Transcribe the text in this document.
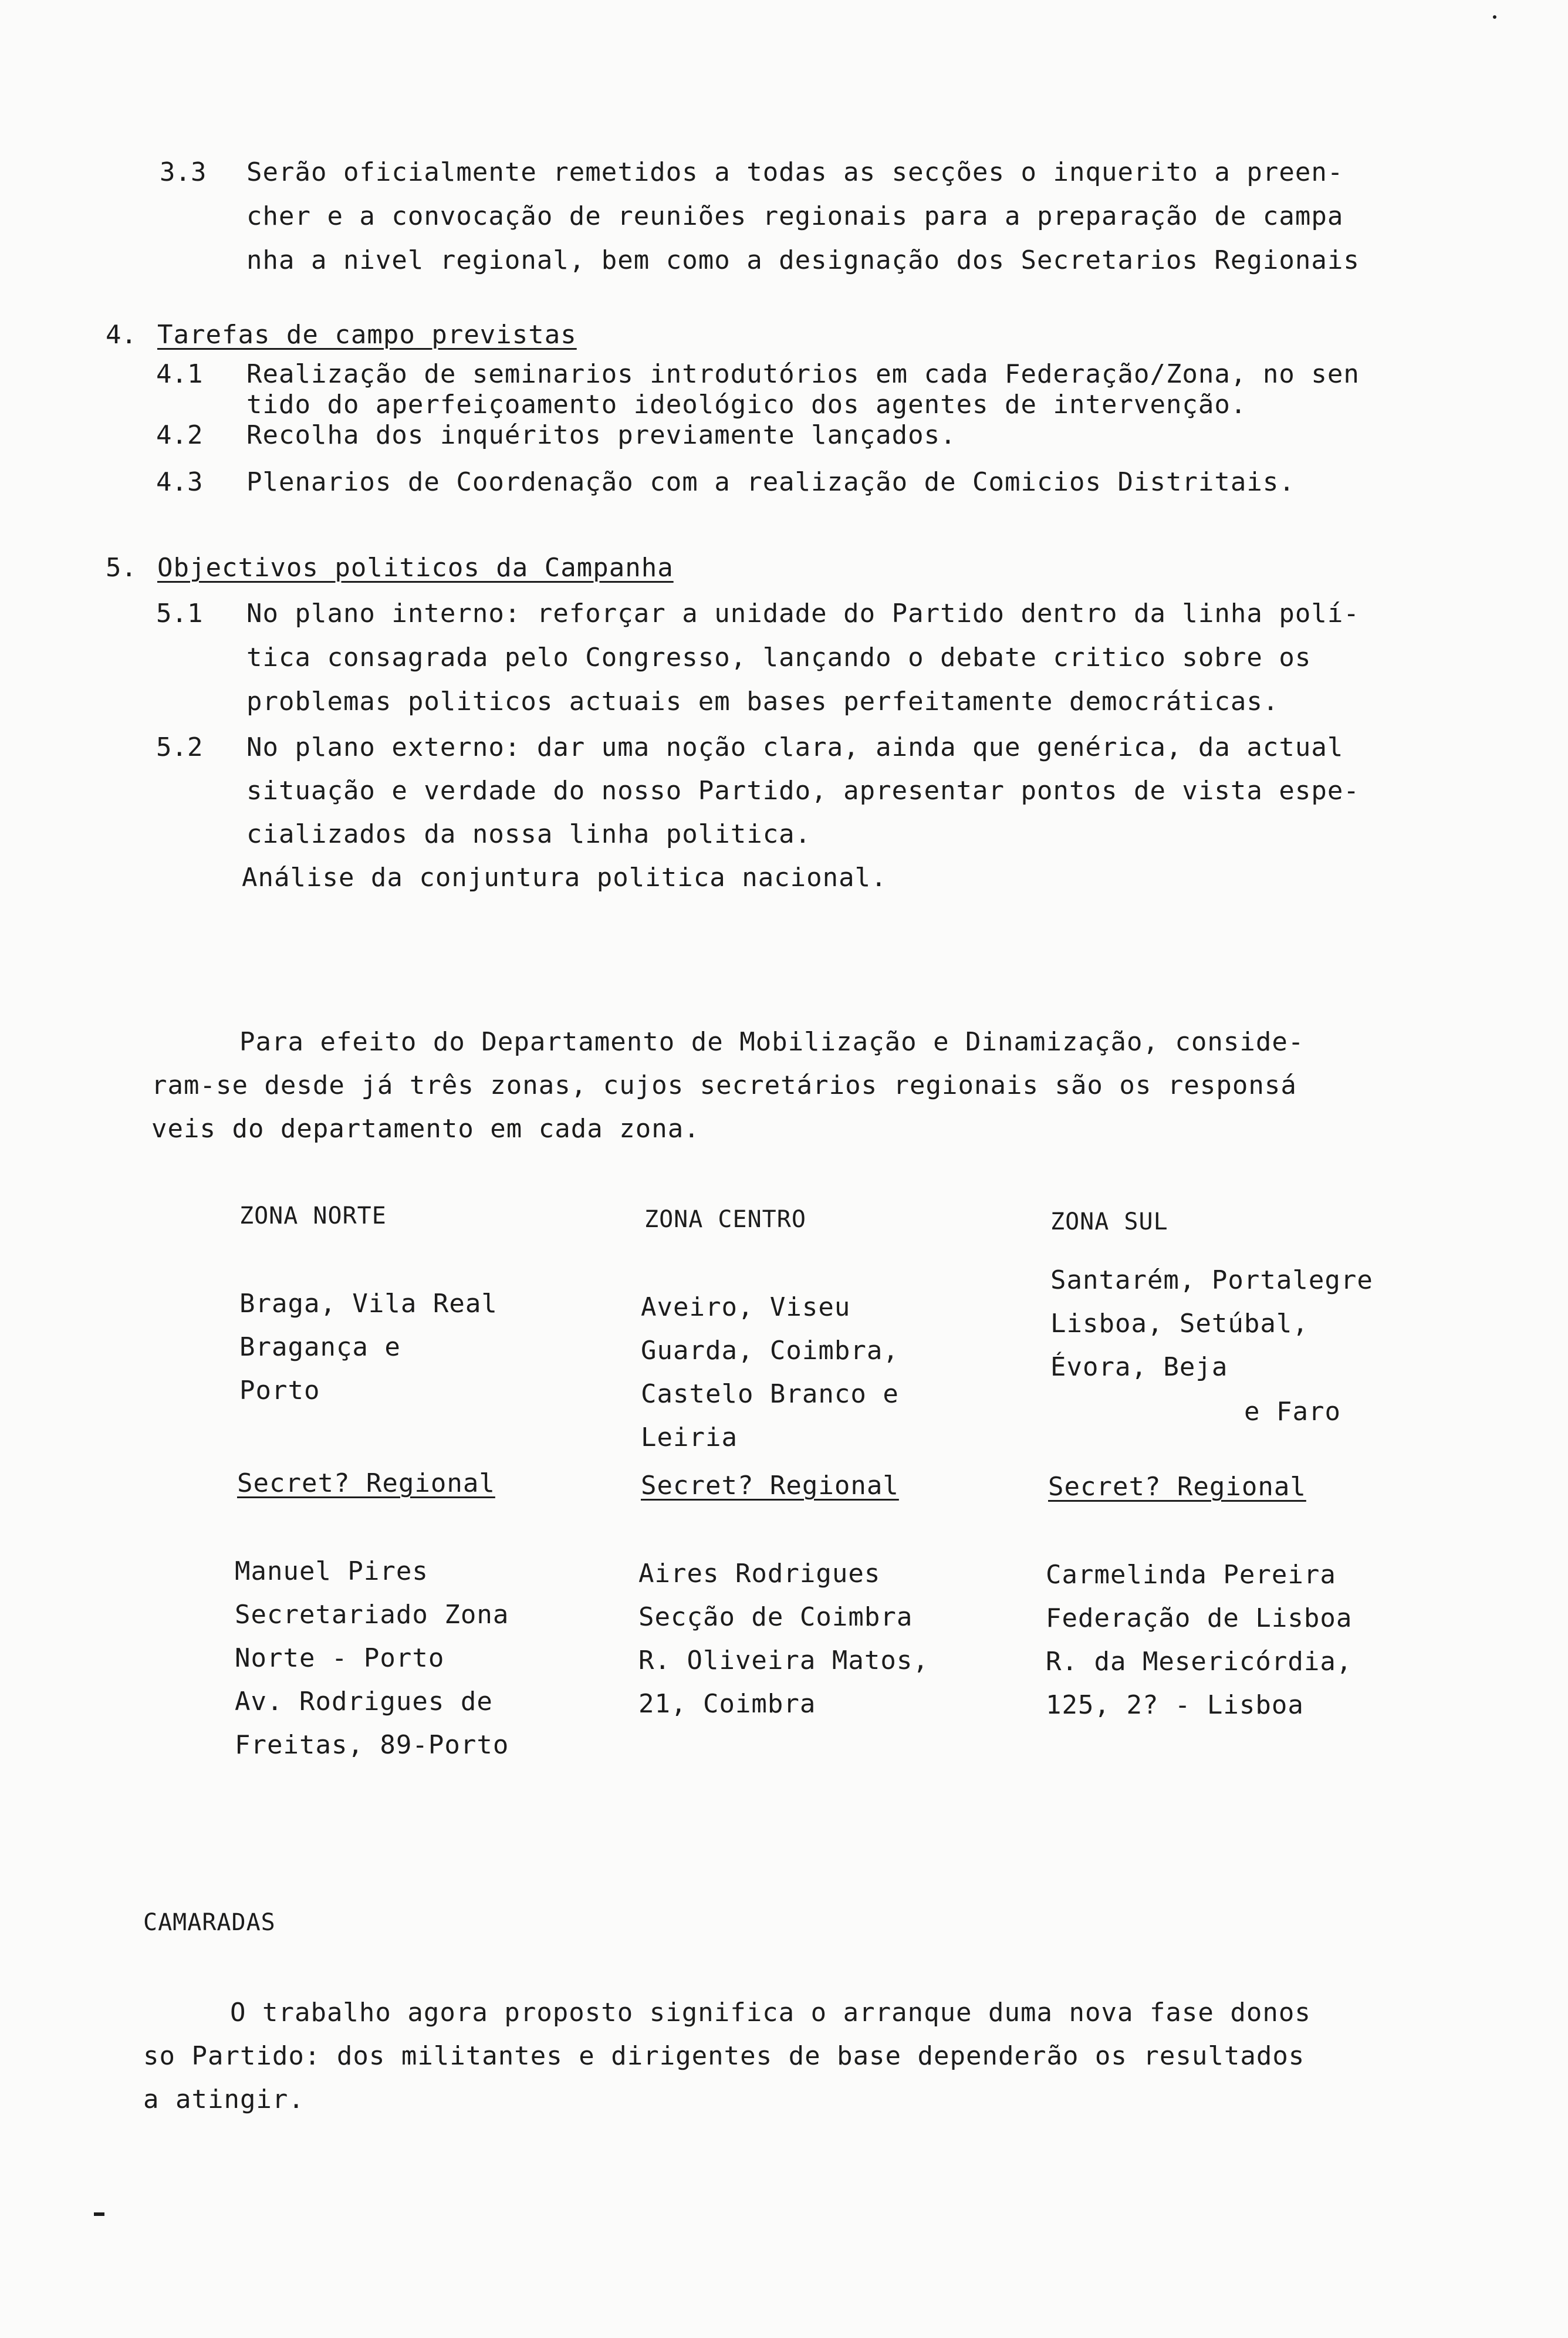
3.3 Serão oficialmente remetidos a todas as secções o inquerito a preen-
cher e a convocação de reuniões regionais para a preparação de campa
nha a nivel regional, bem como a designação dos Secretarios Regionais
4. Tarefas de campo previstas
4.1 Realização de seminarios introdutórios em cada Federação/Zona, no sen
tido do aperfeiçoamento ideológico dos agentes de intervenção.
4.2 Recolha dos inquéritos previamente lançados.
4.3 Plenarios de Coordenação com a realização de Comicios Distritais.
5. Objectivos politicos da Campanha
5.1 No plano interno: reforçar a unidade do Partido dentro da linha polí-
tica consagrada pelo Congresso, lançando o debate critico sobre os
problemas politicos actuais em bases perfeitamente democráticas.
5.2 No plano externo: dar uma noção clara, ainda que genérica, da actual
situação e verdade do nosso Partido, apresentar pontos de vista espe-
cializados da nossa linha politica.
Análise da conjuntura politica nacional.
Para efeito do Departamento de Mobilização e Dinamização, conside-
ram-se desde já três zonas, cujos secretários regionais são os responsá
veis do departamento em cada zona.
ZONA NORTE
Braga, Vila Real
Bragança e
Porto
Secret? Regional
Manuel Pires
Secretariado Zona
Norte - Porto
Av. Rodrigues de
Freitas, 89-Porto
ZONA CENTRO
Aveiro, Viseu
Guarda, Coimbra,
Castelo Branco e
Leiria
Secret? Regional
Aires Rodrigues
Secção de Coimbra
R. Oliveira Matos,
21, Coimbra
ZONA SUL
Santarém, Portalegre
Lisboa, Setúbal,
Évora, Beja
e Faro
Secret? Regional
Carmelinda Pereira
Federação de Lisboa
R. da Mesericórdia,
125, 2? - Lisboa
CAMARADAS
O trabalho agora proposto significa o arranque duma nova fase donos
so Partido: dos militantes e dirigentes de base dependerão os resultados
a atingir.
